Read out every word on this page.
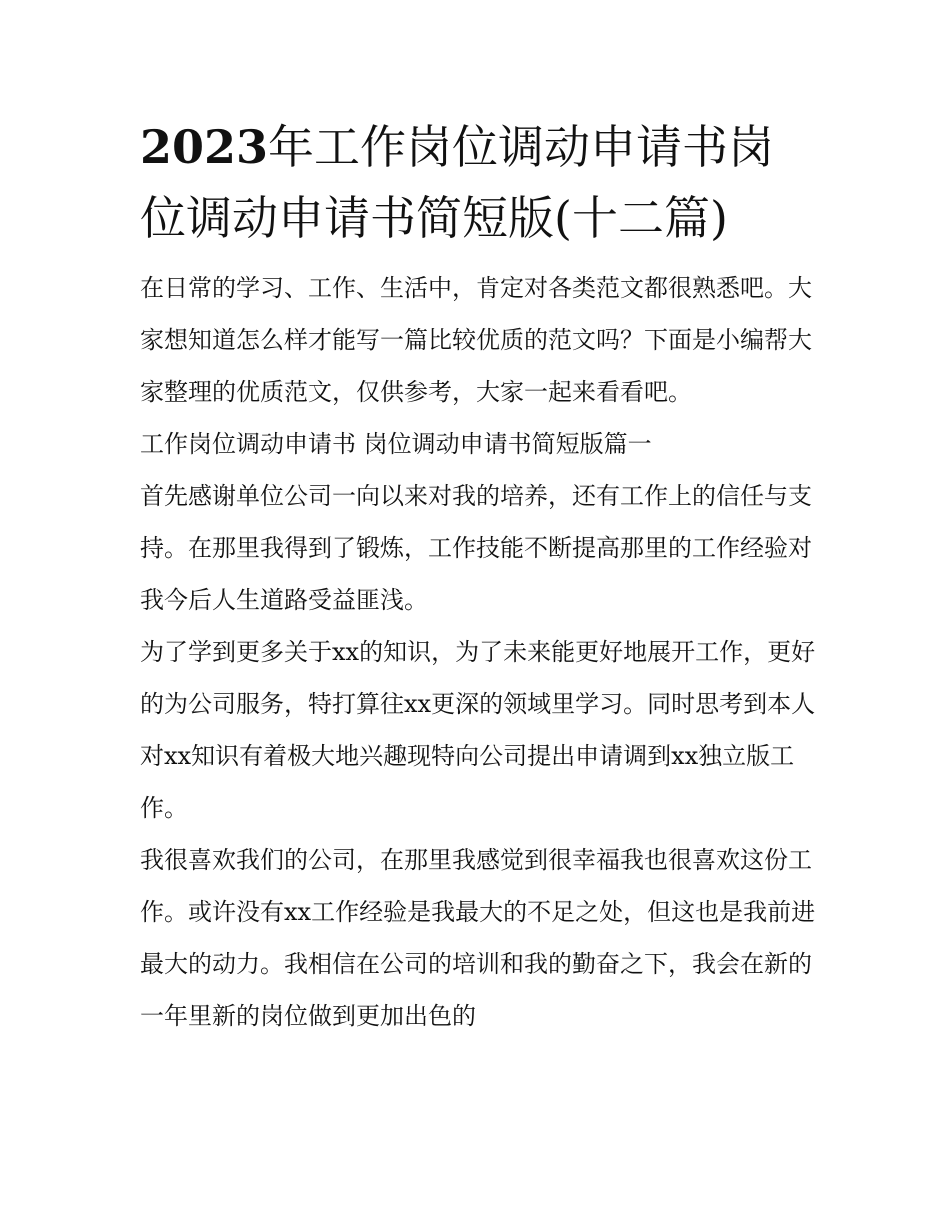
2023年工作岗位调动申请书岗位调动申请书简短版(十二篇)

在日常的学习、工作、生活中，肯定对各类范文都很熟悉吧。大家想知道怎么样才能写一篇比较优质的范文吗？下面是小编帮大家整理的优质范文，仅供参考，大家一起来看看吧。

工作岗位调动申请书 岗位调动申请书简短版篇一

首先感谢单位公司一向以来对我的培养，还有工作上的信任与支持。在那里我得到了锻炼，工作技能不断提高那里的工作经验对我今后人生道路受益匪浅。

为了学到更多关于xx的知识，为了未来能更好地展开工作，更好的为公司服务，特打算往xx更深的领域里学习。同时思考到本人对xx知识有着极大地兴趣现特向公司提出申请调到xx独立版工作。

我很喜欢我们的公司，在那里我感觉到很幸福我也很喜欢这份工作。或许没有xx工作经验是我最大的不足之处，但这也是我前进最大的动力。我相信在公司的培训和我的勤奋之下，我会在新的一年里新的岗位做到更加出色的
